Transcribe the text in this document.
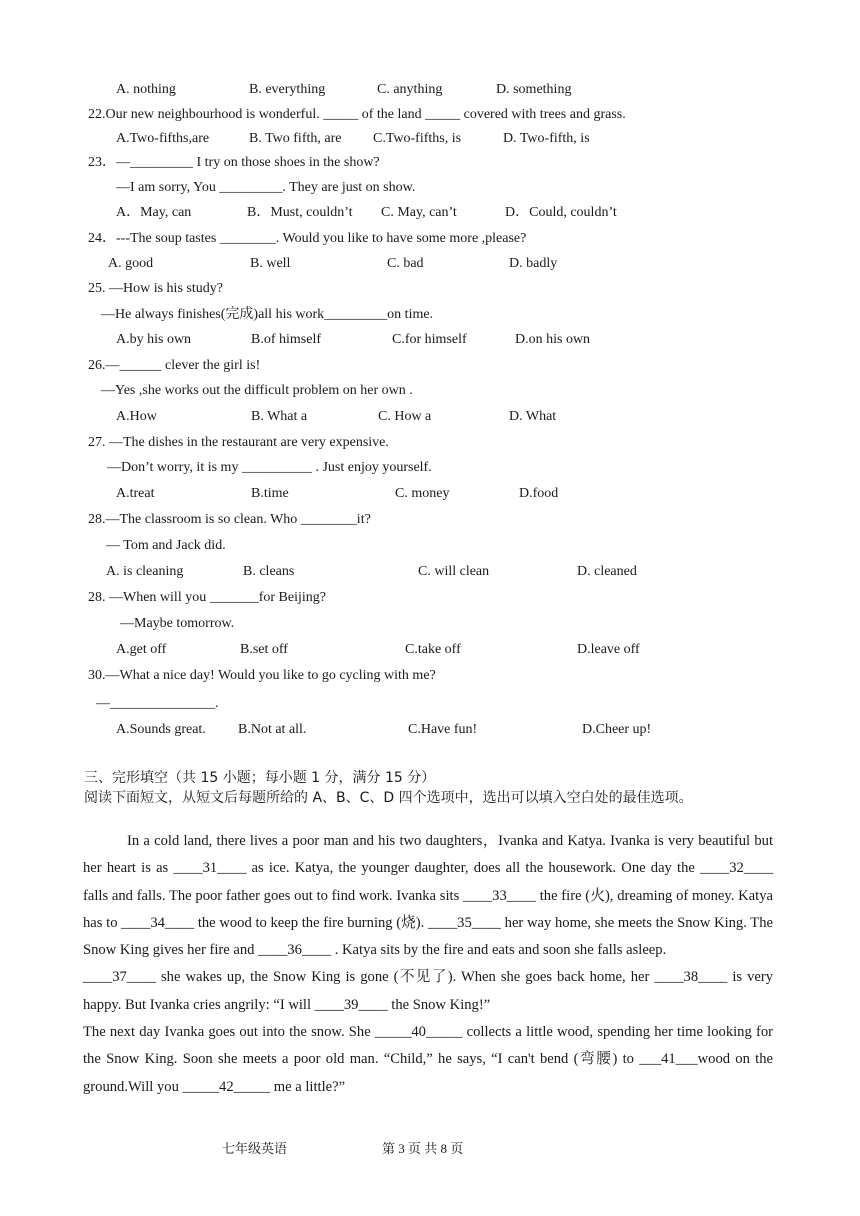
A. nothing	B. everything	C. anything	D. something
22.Our new neighbourhood is wonderful. _____ of the land _____ covered with trees and grass.
A.Two-fifths,are	B. Two fifth, are C.Two-fifths, is	D. Two-fifth, is
23．—_________ I try on those shoes in the show?
—I am sorry, You _________. They are just on show.
A．May, can	B．Must, couldn’t C. May, can’t	D．Could, couldn’t
24．---The soup tastes ________. Would you like to have some more ,please?
A. good	B. well	C. bad	D. badly
25. —How is his study?
—He always finishes(完成)all his work_________on time.
A.by his own	B.of himself	C.for himself	D.on his own
26.—______ clever the girl is!
—Yes ,she works out the difficult problem on her own .
A.How	B. What a	C. How a	D. What
27. —The dishes in the restaurant are very expensive.
—Don’t worry, it is my __________ . Just enjoy yourself.
A.treat	B.time	C. money	D.food
28.—The classroom is so clean. Who ________it?
— Tom and Jack did.
A. is cleaning	B. cleans	C. will clean	D. cleaned
28. —When will you _______for Beijing?
—Maybe tomorrow.
A.get off	B.set off	C.take off	D.leave off
30.—What a nice day! Would you like to go cycling with me?
—_______________.
A.Sounds great. B.Not at all.	C.Have fun!	D.Cheer up!
三、完形填空（共 15 小题；每小题 1 分，满分 15 分）
阅读下面短文，从短文后每题所给的 A、B、C、D 四个选项中，选出可以填入空白处的最佳选项。

In a cold land, there lives a poor man and his two daughters，Ivanka and Katya. Ivanka is very beautiful but her heart is as ____31____ as ice. Katya, the younger daughter, does all the housework. One day the ____32____ falls and falls. The poor father goes out to find work. Ivanka sits ____33____ the fire (火), dreaming of money. Katya has to ____34____ the wood to keep the fire burning (烧). ____35____ her way home, she meets the Snow King. The Snow King gives her fire and ____36____ . Katya sits by the fire and eats and soon she falls asleep.

____37____ she wakes up, the Snow King is gone (不见了). When she goes back home, her ____38____ is very happy. But Ivanka cries angrily: “I will ____39____ the Snow King!”

The next day Ivanka goes out into the snow. She _____40_____ collects a little wood, spending her time looking for the Snow King. Soon she meets a poor old man. “Child,” he says, “I can't bend (弯腰) to ___41___wood on the ground.Will you _____42_____ me a little?”

七年级英语	第 3 页 共 8 页
